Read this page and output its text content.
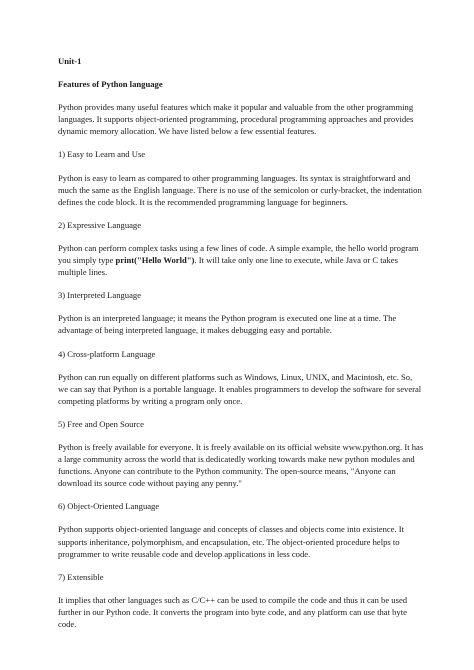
Unit-1

Features of Python language

Python provides many useful features which make it popular and valuable from the other programming languages. It supports object-oriented programming, procedural programming approaches and provides dynamic memory allocation. We have listed below a few essential features.

1) Easy to Learn and Use

Python is easy to learn as compared to other programming languages. Its syntax is straightforward and much the same as the English language. There is no use of the semicolon or curly-bracket, the indentation defines the code block. It is the recommended programming language for beginners.

2) Expressive Language

Python can perform complex tasks using a few lines of code. A simple example, the hello world program you simply type print("Hello World"). It will take only one line to execute, while Java or C takes multiple lines.

3) Interpreted Language

Python is an interpreted language; it means the Python program is executed one line at a time. The advantage of being interpreted language, it makes debugging easy and portable.

4) Cross-platform Language

Python can run equally on different platforms such as Windows, Linux, UNIX, and Macintosh, etc. So, we can say that Python is a portable language. It enables programmers to develop the software for several competing platforms by writing a program only once.

5) Free and Open Source

Python is freely available for everyone. It is freely available on its official website www.python.org. It has a large community across the world that is dedicatedly working towards make new python modules and functions. Anyone can contribute to the Python community. The open-source means, "Anyone can download its source code without paying any penny."

6) Object-Oriented Language

Python supports object-oriented language and concepts of classes and objects come into existence. It supports inheritance, polymorphism, and encapsulation, etc. The object-oriented procedure helps to programmer to write reusable code and develop applications in less code.

7) Extensible

It implies that other languages such as C/C++ can be used to compile the code and thus it can be used further in our Python code. It converts the program into byte code, and any platform can use that byte code.
